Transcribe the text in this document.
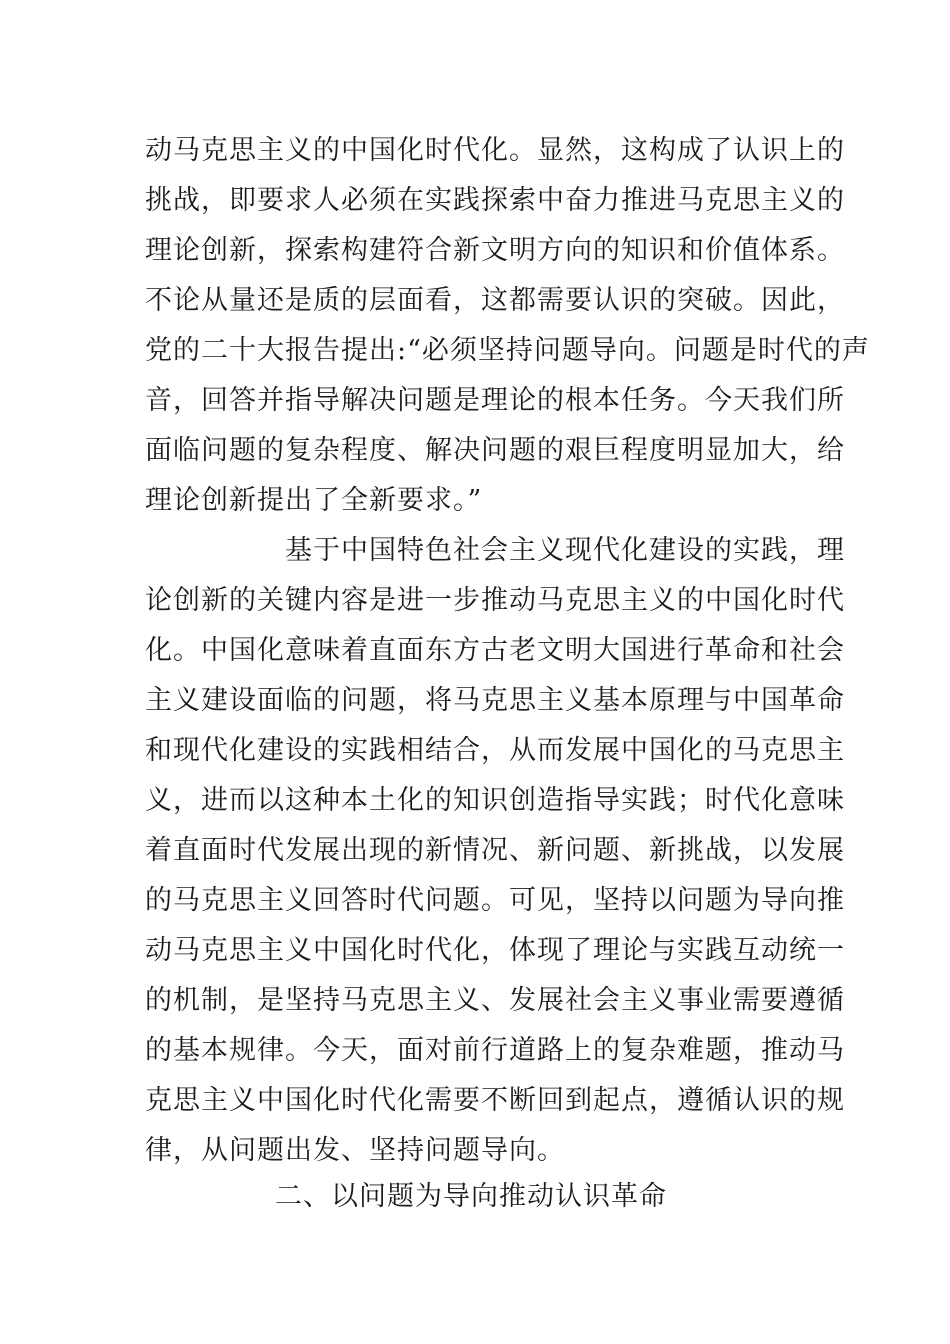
动马克思主义的中国化时代化。显然，这构成了认识上的
挑战，即要求人必须在实践探索中奋力推进马克思主义的
理论创新，探索构建符合新文明方向的知识和价值体系。
不论从量还是质的层面看，这都需要认识的突破。因此，
党的二十大报告提出:“必须坚持问题导向。问题是时代的声
音，回答并指导解决问题是理论的根本任务。今天我们所
面临问题的复杂程度、解决问题的艰巨程度明显加大，给
理论创新提出了全新要求。”
基于中国特色社会主义现代化建设的实践，理
论创新的关键内容是进一步推动马克思主义的中国化时代
化。中国化意味着直面东方古老文明大国进行革命和社会
主义建设面临的问题，将马克思主义基本原理与中国革命
和现代化建设的实践相结合，从而发展中国化的马克思主
义，进而以这种本土化的知识创造指导实践；时代化意味
着直面时代发展出现的新情况、新问题、新挑战，以发展
的马克思主义回答时代问题。可见，坚持以问题为导向推
动马克思主义中国化时代化，体现了理论与实践互动统一
的机制，是坚持马克思主义、发展社会主义事业需要遵循
的基本规律。今天，面对前行道路上的复杂难题，推动马
克思主义中国化时代化需要不断回到起点，遵循认识的规
律，从问题出发、坚持问题导向。
二、以问题为导向推动认识革命
